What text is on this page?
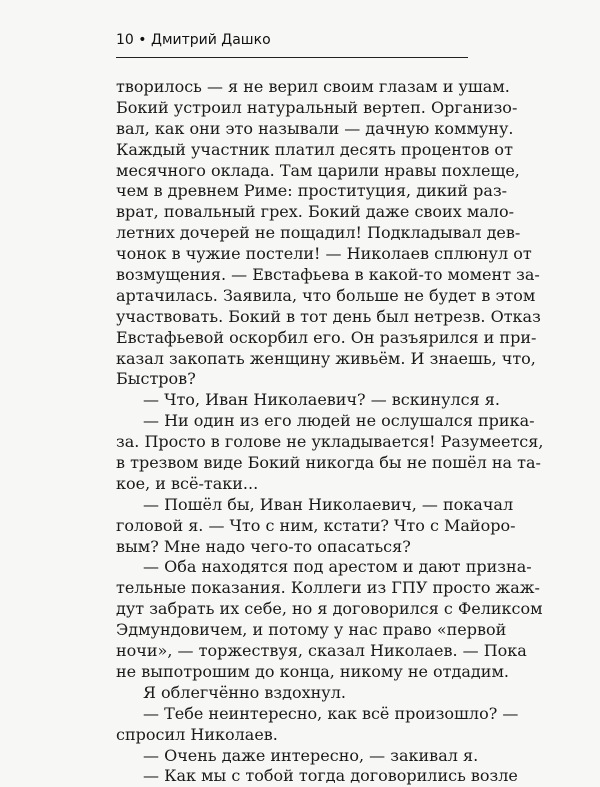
10 • Дмитрий Дашко
творилось — я не верил своим глазам и ушам.
Бокий устроил натуральный вертеп. Организо-
вал, как они это называли — дачную коммуну.
Каждый участник платил десять процентов от
месячного оклада. Там царили нравы похлеще,
чем в древнем Риме: проституция, дикий раз-
врат, повальный грех. Бокий даже своих мало-
летних дочерей не пощадил! Подкладывал дев-
чонок в чужие постели! — Николаев сплюнул от
возмущения. — Евстафьева в какой-то момент за-
артачилась. Заявила, что больше не будет в этом
участвовать. Бокий в тот день был нетрезв. Отказ
Евстафьевой оскорбил его. Он разъярился и при-
казал закопать женщину живьём. И знаешь, что,
Быстров?
— Что, Иван Николаевич? — вскинулся я.
— Ни один из его людей не ослушался прика-
за. Просто в голове не укладывается! Разумеется,
в трезвом виде Бокий никогда бы не пошёл на та-
кое, и всё-таки...
— Пошёл бы, Иван Николаевич, — покачал
головой я. — Что с ним, кстати? Что с Майоро-
вым? Мне надо чего-то опасаться?
— Оба находятся под арестом и дают призна-
тельные показания. Коллеги из ГПУ просто жаж-
дут забрать их себе, но я договорился с Феликсом
Эдмундовичем, и потому у нас право «первой
ночи», — торжествуя, сказал Николаев. — Пока
не выпотрошим до конца, никому не отдадим.
Я облегчённо вздохнул.
— Тебе неинтересно, как всё произошло? —
спросил Николаев.
— Очень даже интересно, — закивал я.
— Как мы с тобой тогда договорились возле
